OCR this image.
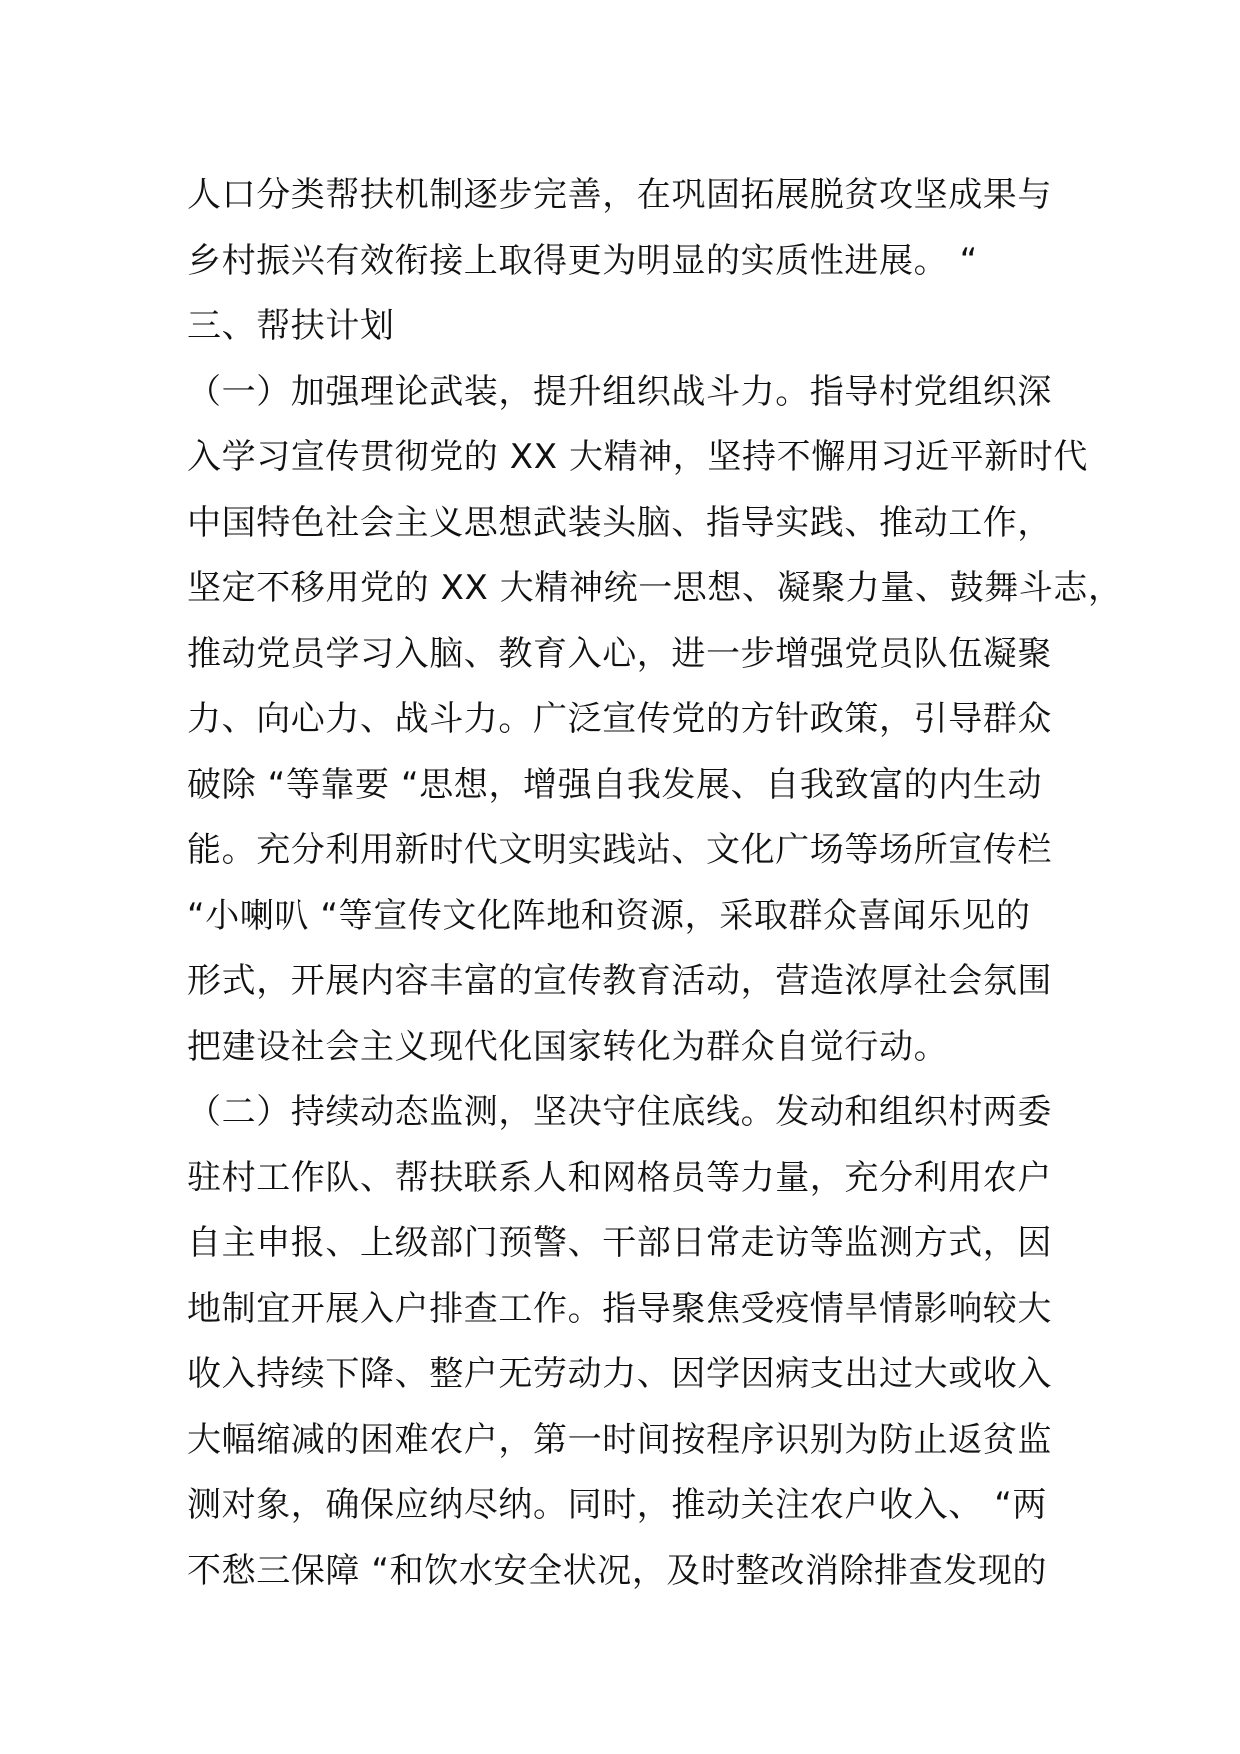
人口分类帮扶机制逐步完善，在巩固拓展脱贫攻坚成果与
乡村振兴有效衔接上取得更为明显的实质性进展。 “
三、帮扶计划
（一）加强理论武装，提升组织战斗力。指导村党组织深
入学习宣传贯彻党的 XX 大精神，坚持不懈用习近平新时代
中国特色社会主义思想武装头脑、指导实践、推动工作，
坚定不移用党的 XX 大精神统一思想、凝聚力量、鼓舞斗志，
推动党员学习入脑、教育入心，进一步增强党员队伍凝聚
力、向心力、战斗力。广泛宣传党的方针政策，引导群众
破除 “等靠要 “思想，增强自我发展、自我致富的内生动
能。充分利用新时代文明实践站、文化广场等场所宣传栏
“小喇叭 “等宣传文化阵地和资源，采取群众喜闻乐见的
形式，开展内容丰富的宣传教育活动，营造浓厚社会氛围
把建设社会主义现代化国家转化为群众自觉行动。
（二）持续动态监测，坚决守住底线。发动和组织村两委
驻村工作队、帮扶联系人和网格员等力量，充分利用农户
自主申报、上级部门预警、干部日常走访等监测方式，因
地制宜开展入户排查工作。指导聚焦受疫情旱情影响较大
收入持续下降、整户无劳动力、因学因病支出过大或收入
大幅缩减的困难农户，第一时间按程序识别为防止返贫监
测对象，确保应纳尽纳。同时，推动关注农户收入、 “两
不愁三保障 “和饮水安全状况，及时整改消除排查发现的
